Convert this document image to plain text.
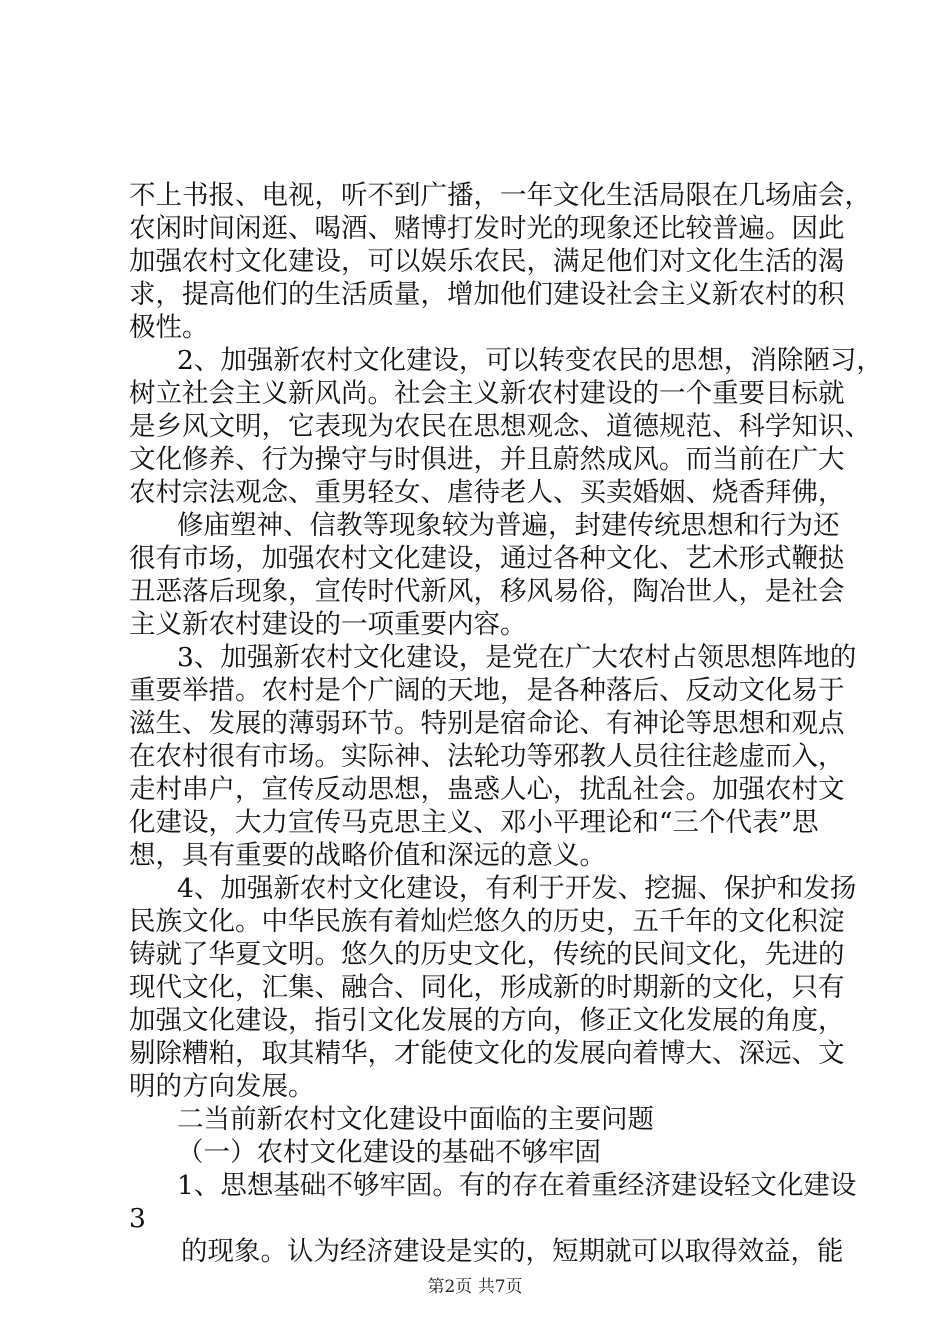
不上书报、电视，听不到广播，一年文化生活局限在几场庙会，
农闲时间闲逛、喝酒、赌博打发时光的现象还比较普遍。因此
加强农村文化建设，可以娱乐农民，满足他们对文化生活的渴
求，提高他们的生活质量，增加他们建设社会主义新农村的积
极性。
2、加强新农村文化建设，可以转变农民的思想，消除陋习，
树立社会主义新风尚。社会主义新农村建设的一个重要目标就
是乡风文明，它表现为农民在思想观念、道德规范、科学知识、
文化修养、行为操守与时俱进，并且蔚然成风。而当前在广大
农村宗法观念、重男轻女、虐待老人、买卖婚姻、烧香拜佛，
修庙塑神、信教等现象较为普遍，封建传统思想和行为还
很有市场，加强农村文化建设，通过各种文化、艺术形式鞭挞
丑恶落后现象，宣传时代新风，移风易俗，陶冶世人，是社会
主义新农村建设的一项重要内容。
3、加强新农村文化建设，是党在广大农村占领思想阵地的
重要举措。农村是个广阔的天地，是各种落后、反动文化易于
滋生、发展的薄弱环节。特别是宿命论、有神论等思想和观点
在农村很有市场。实际神、法轮功等邪教人员往往趁虚而入，
走村串户，宣传反动思想，蛊惑人心，扰乱社会。加强农村文
化建设，大力宣传马克思主义、邓小平理论和“三个代表”思
想，具有重要的战略价值和深远的意义。
4、加强新农村文化建设，有利于开发、挖掘、保护和发扬
民族文化。中华民族有着灿烂悠久的历史，五千年的文化积淀
铸就了华夏文明。悠久的历史文化，传统的民间文化，先进的
现代文化，汇集、融合、同化，形成新的时期新的文化，只有
加强文化建设，指引文化发展的方向，修正文化发展的角度，
剔除糟粕，取其精华，才能使文化的发展向着博大、深远、文
明的方向发展。
二当前新农村文化建设中面临的主要问题
（一）农村文化建设的基础不够牢固
1、思想基础不够牢固。有的存在着重经济建设轻文化建设
3
的现象。认为经济建设是实的，短期就可以取得效益，能
第2页 共7页
